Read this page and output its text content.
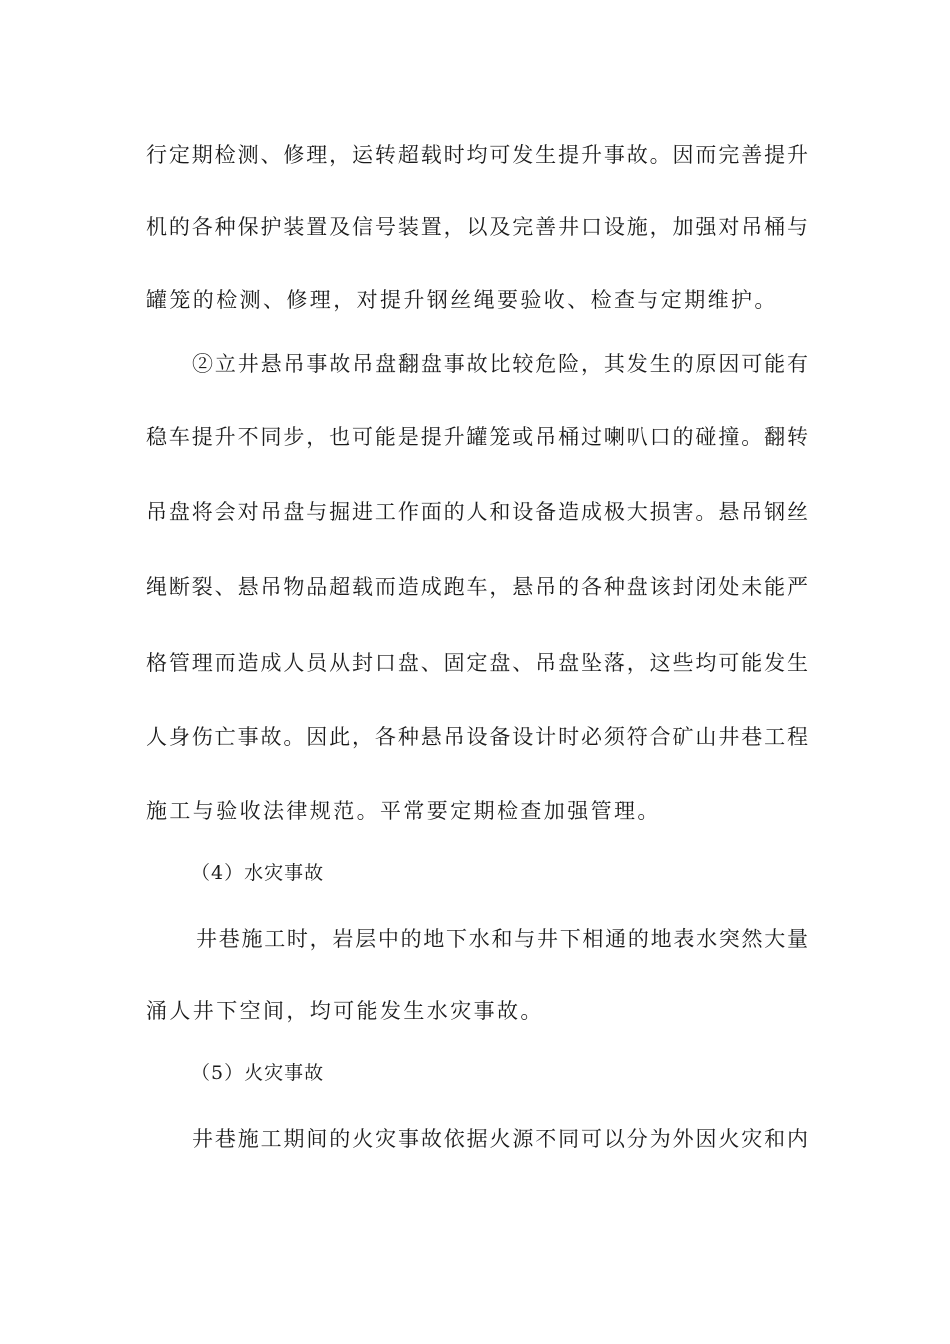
行定期检测、修理，运转超载时均可发生提升事故。因而完善提升
机的各种保护装置及信号装置，以及完善井口设施，加强对吊桶与
罐笼的检测、修理，对提升钢丝绳要验收、检查与定期维护。
②立井悬吊事故吊盘翻盘事故比较危险，其发生的原因可能有
稳车提升不同步，也可能是提升罐笼或吊桶过喇叭口的碰撞。翻转
吊盘将会对吊盘与掘进工作面的人和设备造成极大损害。悬吊钢丝
绳断裂、悬吊物品超载而造成跑车，悬吊的各种盘该封闭处未能严
格管理而造成人员从封口盘、固定盘、吊盘坠落，这些均可能发生
人身伤亡事故。因此，各种悬吊设备设计时必须符合矿山井巷工程
施工与验收法律规范。平常要定期检查加强管理。
（4）水灾事故
井巷施工时，岩层中的地下水和与井下相通的地表水突然大量
涌人井下空间，均可能发生水灾事故。
（5）火灾事故
井巷施工期间的火灾事故依据火源不同可以分为外因火灾和内
